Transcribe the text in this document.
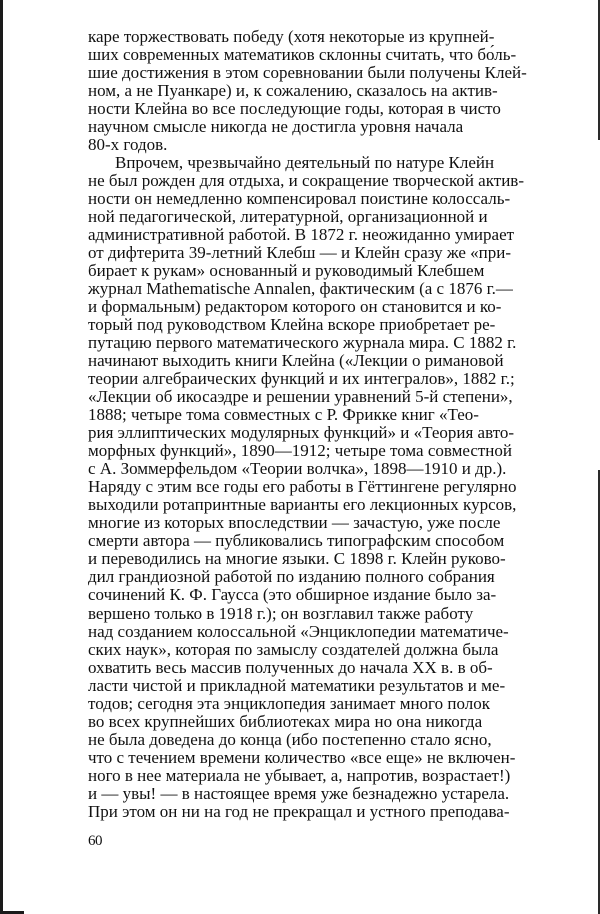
каре торжествовать победу (хотя некоторые из крупней-
ших современных математиков склонны считать, что бо́ль-
шие достижения в этом соревновании были получены Клей-
ном, а не Пуанкаре) и, к сожалению, сказалось на актив-
ности Клейна во все последующие годы, которая в чисто
научном смысле никогда не достигла уровня начала
80-х годов.
Впрочем, чрезвычайно деятельный по натуре Клейн
не был рожден для отдыха, и сокращение творческой актив-
ности он немедленно компенсировал поистине колоссаль-
ной педагогической, литературной, организационной и
административной работой. В 1872 г. неожиданно умирает
от дифтерита 39-летний Клебш — и Клейн сразу же «при-
бирает к рукам» основанный и руководимый Клебшем
журнал Mathematische Annalen, фактическим (а с 1876 г.—
и формальным) редактором которого он становится и ко-
торый под руководством Клейна вскоре приобретает ре-
путацию первого математического журнала мира. С 1882 г.
начинают выходить книги Клейна («Лекции о римановой
теории алгебраических функций и их интегралов», 1882 г.;
«Лекции об икосаэдре и решении уравнений 5-й степени»,
1888; четыре тома совместных с Р. Фрикке книг «Тео-
рия эллиптических модулярных функций» и «Теория авто-
морфных функций», 1890—1912; четыре тома совместной
с А. Зоммерфельдом «Теории волчка», 1898—1910 и др.).
Наряду с этим все годы его работы в Гёттингене регулярно
выходили ротапринтные варианты его лекционных курсов,
многие из которых впоследствии — зачастую, уже после
смерти автора — публиковались типографским способом
и переводились на многие языки. С 1898 г. Клейн руково-
дил грандиозной работой по изданию полного собрания
сочинений К. Ф. Гаусса (это обширное издание было за-
вершено только в 1918 г.); он возглавил также работу
над созданием колоссальной «Энциклопедии математиче-
ских наук», которая по замыслу создателей должна была
охватить весь массив полученных до начала XX в. в об-
ласти чистой и прикладной математики результатов и ме-
тодов; сегодня эта энциклопедия занимает много полок
во всех крупнейших библиотеках мира но она никогда
не была доведена до конца (ибо постепенно стало ясно,
что с течением времени количество «все еще» не включен-
ного в нее материала не убывает, а, напротив, возрастает!)
и — увы! — в настоящее время уже безнадежно устарела.
При этом он ни на год не прекращал и устного преподава-
60
